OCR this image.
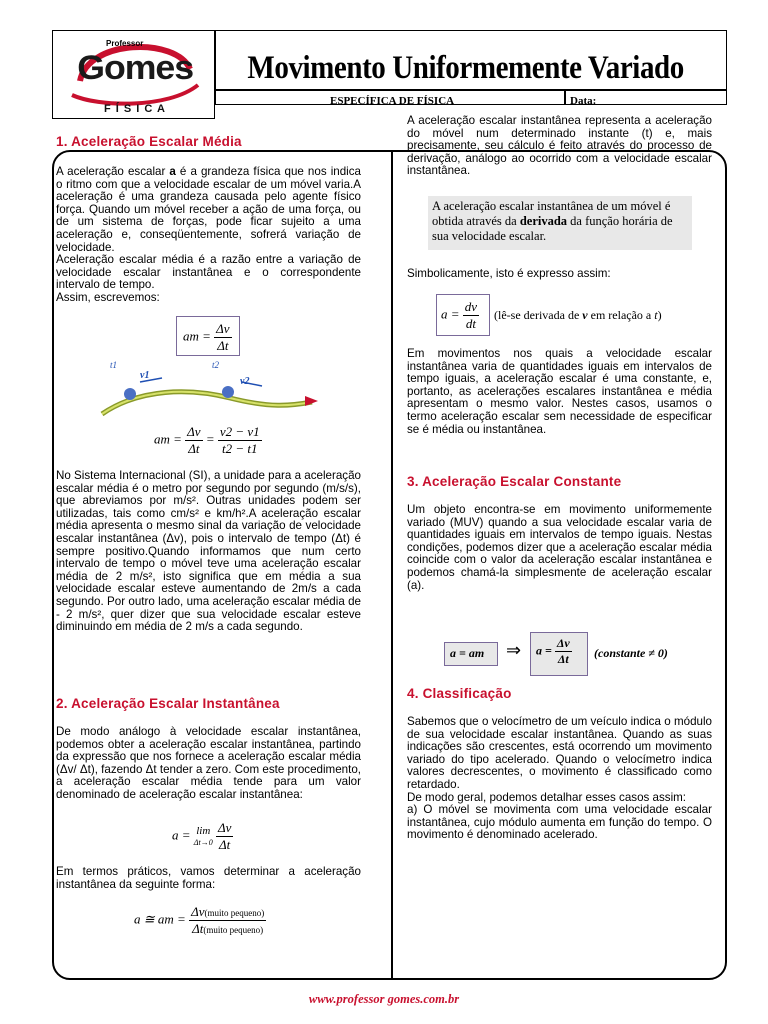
Professor
Gomes
F Í S I C A
Movimento Uniformemente Variado
ESPECÍFICA DE FÍSICA	Data:
1. Aceleração Escalar Média

A aceleração escalar a é a grandeza física que nos indica o ritmo com que a velocidade escalar de um móvel varia.A aceleração é uma grandeza causada pelo agente físico força. Quando um móvel receber a ação de uma força, ou de um sistema de forças, pode ficar sujeito a uma aceleração e, conseqüentemente, sofrerá variação de velocidade.

Aceleração escalar média é a razão entre a variação de velocidade escalar instantânea e o correspondente intervalo de tempo.

Assim, escrevemos:

am = $\frac{\Delta v}{\Delta t}$
t1
v1
t2
v2
am = $\frac{\Delta v}{\Delta t} = \frac{v2 - v1}{t2 - t1}$
No Sistema Internacional (SI), a unidade para a aceleração escalar média é o metro por segundo por segundo (m/s/s), que abreviamos por m/s². Outras unidades podem ser utilizadas, tais como cm/s² e km/h².A aceleração escalar média apresenta o mesmo sinal da variação de velocidade escalar instantânea (Δv), pois o intervalo de tempo (Δt) é sempre positivo.Quando informamos que num certo intervalo de tempo o móvel teve uma aceleração escalar média de 2 m/s², isto significa que em média a sua velocidade escalar esteve aumentando de 2m/s a cada segundo. Por outro lado, uma aceleração escalar média de - 2 m/s², quer dizer que sua velocidade escalar esteve diminuindo em média de 2 m/s a cada segundo.
2. Aceleração Escalar Instantânea
De modo análogo à velocidade escalar instantânea, podemos obter a aceleração escalar instantânea, partindo da expressão que nos fornece a aceleração escalar média (Δv/ Δt), fazendo Δt tender a zero. Com este procedimento, a aceleração escalar média tende para um valor denominado de aceleração escalar instantânea:
a = lim
Δt→0
$\frac{\Delta v}{\Delta t}$
Em termos práticos, vamos determinar a aceleração instantânea da seguinte forma:
a ≅ am = $\frac{\text{Δv(muito pequeno)}}{\text{Δt(muito pequeno)}}$
A aceleração escalar instantânea representa a aceleração do móvel num determinado instante (t) e, mais precisamente, seu cálculo é feito através do processo de derivação, análogo ao ocorrido com a velocidade escalar instantânea.
A aceleração escalar instantânea de um móvel é obtida através da derivada da função horária de sua velocidade escalar.
Simbolicamente, isto é expresso assim:
$a = \frac{dv}{dt}$ (lê-se derivada de v em relação a t)
Em movimentos nos quais a velocidade escalar instantânea varia de quantidades iguais em intervalos de tempo iguais, a aceleração escalar é uma constante, e, portanto, as acelerações escalares instantânea e média apresentam o mesmo valor. Nestes casos, usamos o termo aceleração escalar sem necessidade de especificar se é média ou instantânea.
3. Aceleração Escalar Constante
Um objeto encontra-se em movimento uniformemente variado (MUV) quando a sua velocidade escalar varia de quantidades iguais em intervalos de tempo iguais. Nestas condições, podemos dizer que a aceleração escalar média coincide com o valor da aceleração escalar instantânea e podemos chamá-la simplesmente de aceleração escalar (a).
a = am ⇒ $a = \frac{\Delta v}{\Delta t}$ (constante ≠ 0)
4. Classificação

Sabemos que o velocímetro de um veículo indica o módulo de sua velocidade escalar instantânea. Quando as suas indicações são crescentes, está ocorrendo um movimento variado do tipo acelerado. Quando o velocímetro indica valores decrescentes, o movimento é classificado como retardado.

De modo geral, podemos detalhar esses casos assim:

a) O móvel se movimenta com uma velocidade escalar instantânea, cujo módulo aumenta em função do tempo. O movimento é denominado acelerado.

www.professor gomes.com.br
